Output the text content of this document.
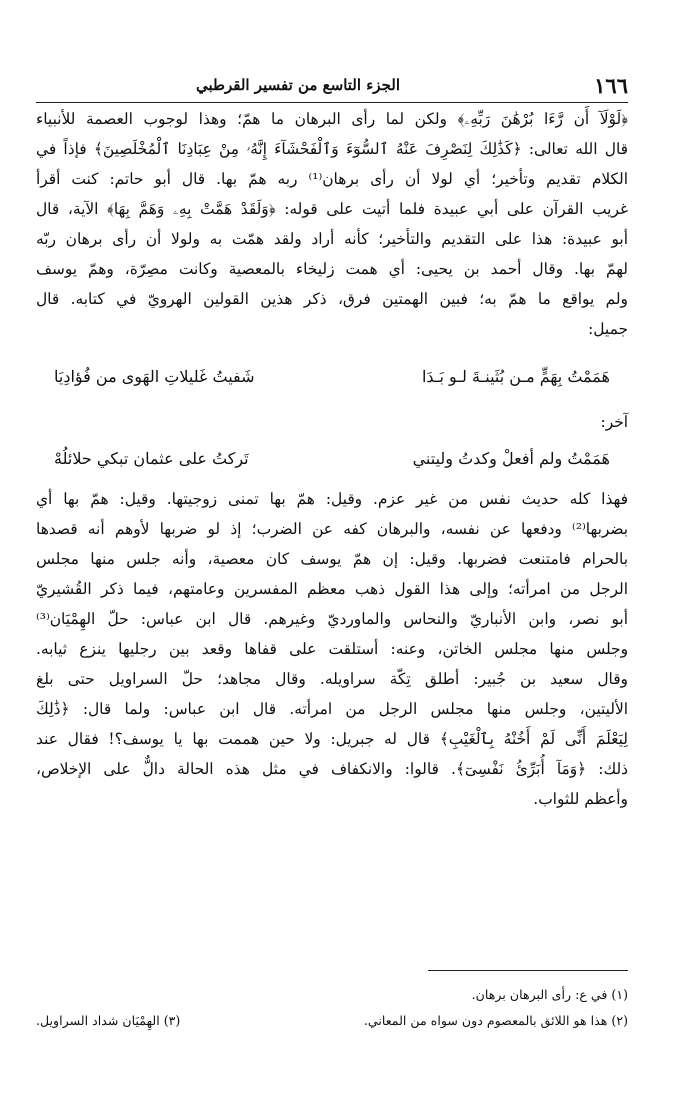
١٦٦
الجزء التاسع من تفسير القرطبي
﴿لَوْلَآ أَن رَّءَا بُرْهَٰنَ رَبِّهِۦ﴾ ولكن لما رأى البرهان ما همّ؛ وهذا لوجوب العصمة للأنبياء
قال الله تعالى: ﴿كَذَٰلِكَ لِنَصْرِفَ عَنْهُ ٱلسُّوٓءَ وَٱلْفَحْشَآءَ إِنَّهُۥ مِنْ عِبَادِنَا ٱلْمُخْلَصِينَ﴾ فإذاً في
الكلام تقديم وتأخير؛ أي لولا أن رأى برهان⁽¹⁾ ربه همّ بها. قال أبو حاتم: كنت أقرأ
غريب القرآن على أبي عبيدة فلما أتيت على قوله: ﴿وَلَقَدْ هَمَّتْ بِهِۦ وَهَمَّ بِهَا﴾ الآية، قال
أبو عبيدة: هذا على التقديم والتأخير؛ كأنه أراد ولقد همّت به ولولا أن رأى برهان ربّه
لهمّ بها. وقال أحمد بن يحيى: أي همت زليخاء بالمعصية وكانت مصِرّة، وهمّ يوسف
ولم يواقع ما همّ به؛ فبين الهمتين فرق، ذكر هذين القولين الهرويّ في كتابه. قال
جميل:
هَمَمْتُ بِهَمٍّ مـن بُثَينـةَ لـو بَـدَا
شَفيتُ غَليلاتِ الهَوى من فُؤادِيَا
آخر:
هَمَمْتُ ولم أفعلْ وكدتُ وليتني
تَركتُ على عثمان تبكي حلائلُهْ
فهذا كله حديث نفس من غير عزم. وقيل: همّ بها تمنى زوجيتها. وقيل: همّ بها أي
بضربها⁽²⁾ ودفعها عن نفسه، والبرهان كفه عن الضرب؛ إذ لو ضربها لأوهم أنه قصدها
بالحرام فامتنعت فضربها. وقيل: إن همّ يوسف كان معصية، وأنه جلس منها مجلس
الرجل من امرأته؛ وإلى هذا القول ذهب معظم المفسرين وعامتهم، فيما ذكر القُشيريّ
أبو نصر، وابن الأنباريّ والنحاس والماورديّ وغيرهم. قال ابن عباس: حلّ الهِمْيَان⁽³⁾
وجلس منها مجلس الخاتن، وعنه: أستلقت على قفاها وقعد بين رجليها ينزع ثيابه.
وقال سعيد بن جُبير: أطلق تِكّة سراويله. وقال مجاهد؛ حلّ السراويل حتى بلغ
الأليتين، وجلس منها مجلس الرجل من امرأته. قال ابن عباس: ولما قال: ﴿ذَٰلِكَ
لِيَعْلَمَ أَنِّى لَمْ أَخُنْهُ بِٱلْغَيْبِ﴾ قال له جبريل: ولا حين هممت بها يا يوسف؟! فقال عند
ذلك: ﴿وَمَآ أُبَرِّئُ نَفْسِىٓ﴾. قالوا: والانكفاف في مثل هذه الحالة دالٌّ على الإخلاص،
وأعظم للثواب.
(١) في ع: رأى البرهان برهان.
(٢) هذا هو اللائق بالمعصوم دون سواه من المعاني.
(٣) الهِمْيَان شداد السراويل.
